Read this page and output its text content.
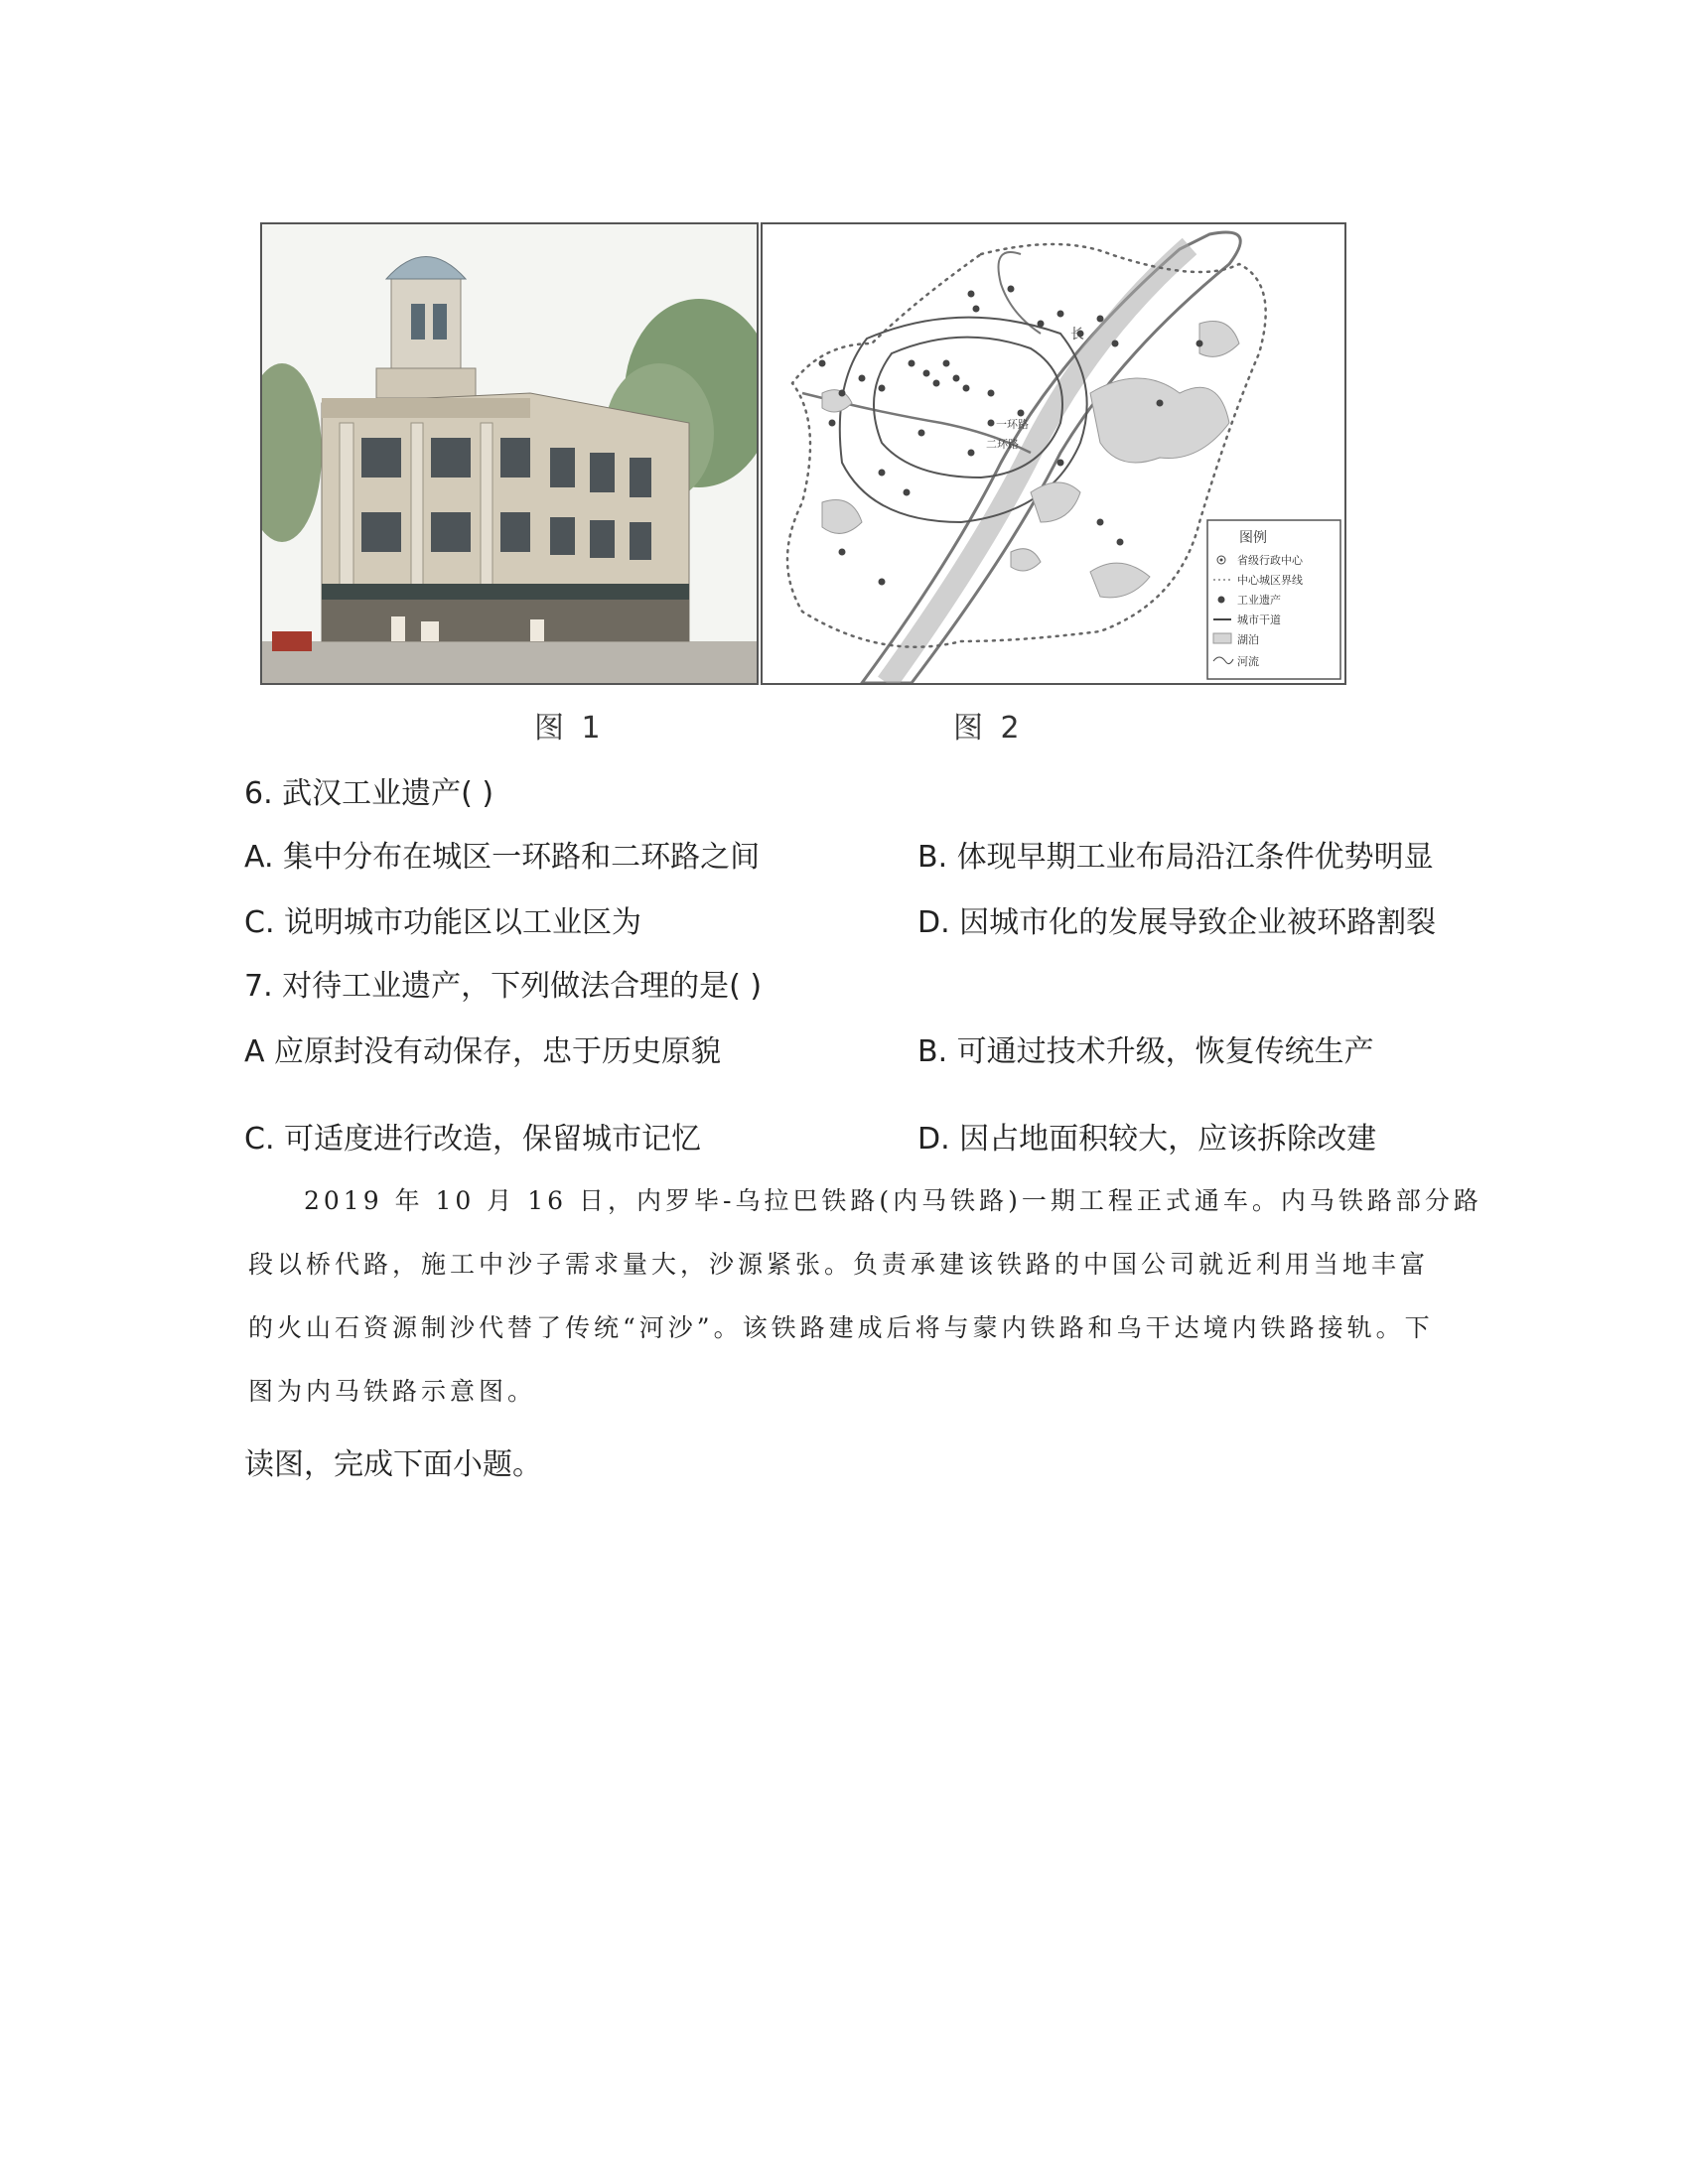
长
一环路
二环路
图例
省级行政中心
中心城区界线
工业遗产
城市干道
湖泊
河流
图 1	图 2
6. 武汉工业遗产( )
A. 集中分布在城区一环路和二环路之间	B. 体现早期工业布局沿江条件优势明显
C. 说明城市功能区以工业区为	D. 因城市化的发展导致企业被环路割裂
7. 对待工业遗产，下列做法合理的是( )
A 应原封没有动保存，忠于历史原貌	B. 可通过技术升级，恢复传统生产
C. 可适度进行改造，保留城市记忆	D. 因占地面积较大，应该拆除改建
2019 年 10 月 16 日，内罗毕-乌拉巴铁路(内马铁路)一期工程正式通车。内马铁路部分路
段以桥代路，施工中沙子需求量大，沙源紧张。负责承建该铁路的中国公司就近利用当地丰富
的火山石资源制沙代替了传统“河沙”。该铁路建成后将与蒙内铁路和乌干达境内铁路接轨。下
图为内马铁路示意图。
读图，完成下面小题。
